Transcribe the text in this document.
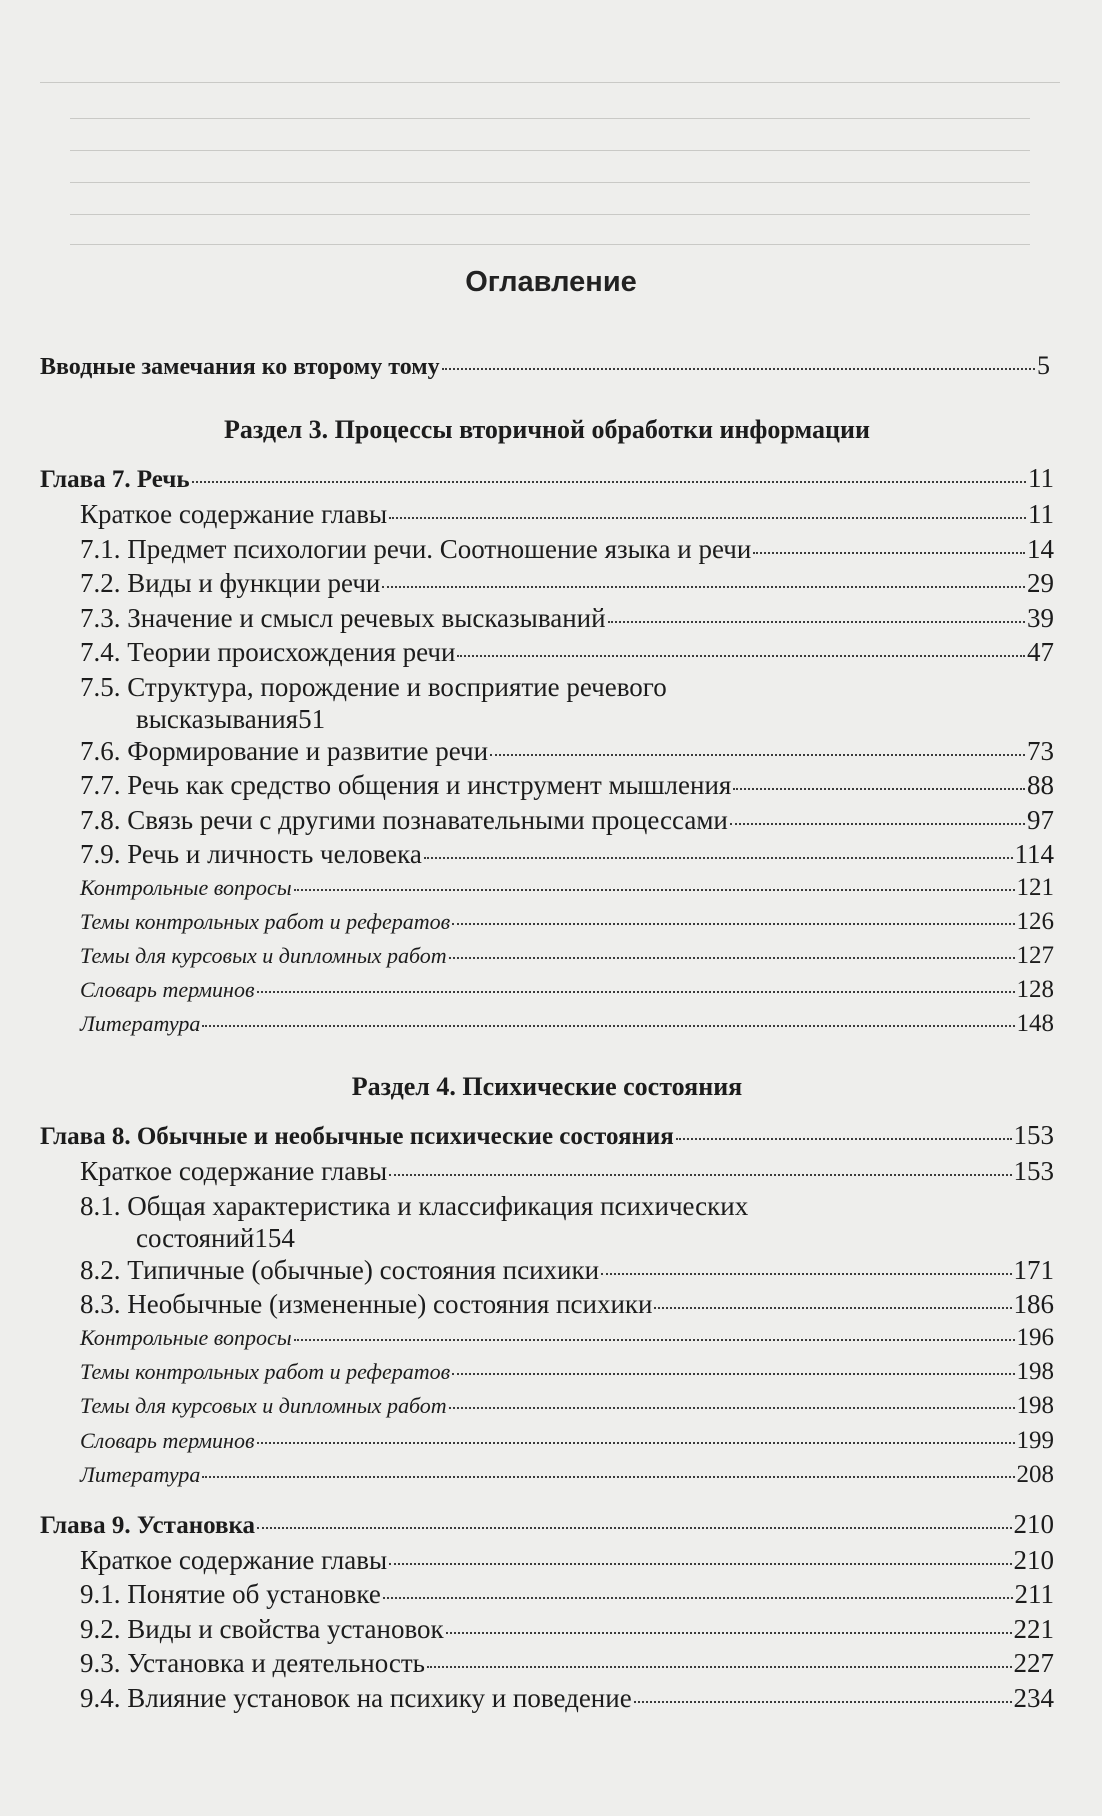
Оглавление
Вводные замечания ко второму тому	5
Раздел 3. Процессы вторичной обработки информации
Глава 7. Речь	11
Краткое содержание главы	11
7.1. Предмет психологии речи. Соотношение языка и речи	14
7.2. Виды и функции речи	29
7.3. Значение и смысл речевых высказываний	39
7.4. Теории происхождения речи	47
7.5. Структура, порождение и восприятие речевого
высказывания 51
7.6. Формирование и развитие речи	73
7.7. Речь как средство общения и инструмент мышления	88
7.8. Связь речи с другими познавательными процессами	97
7.9. Речь и личность человека	114
Контрольные вопросы	121
Темы контрольных работ и рефератов	126
Темы для курсовых и дипломных работ	127
Словарь терминов	128
Литература	148
Раздел 4. Психические состояния
Глава 8. Обычные и необычные психические состояния	153
Краткое содержание главы	153
8.1. Общая характеристика и классификация психических
состояний 154
8.2. Типичные (обычные) состояния психики	171
8.3. Необычные (измененные) состояния психики	186
Контрольные вопросы	196
Темы контрольных работ и рефератов	198
Темы для курсовых и дипломных работ	198
Словарь терминов	199
Литература	208
Глава 9. Установка	210
Краткое содержание главы	210
9.1. Понятие об установке	211
9.2. Виды и свойства установок	221
9.3. Установка и деятельность	227
9.4. Влияние установок на психику и поведение	234
